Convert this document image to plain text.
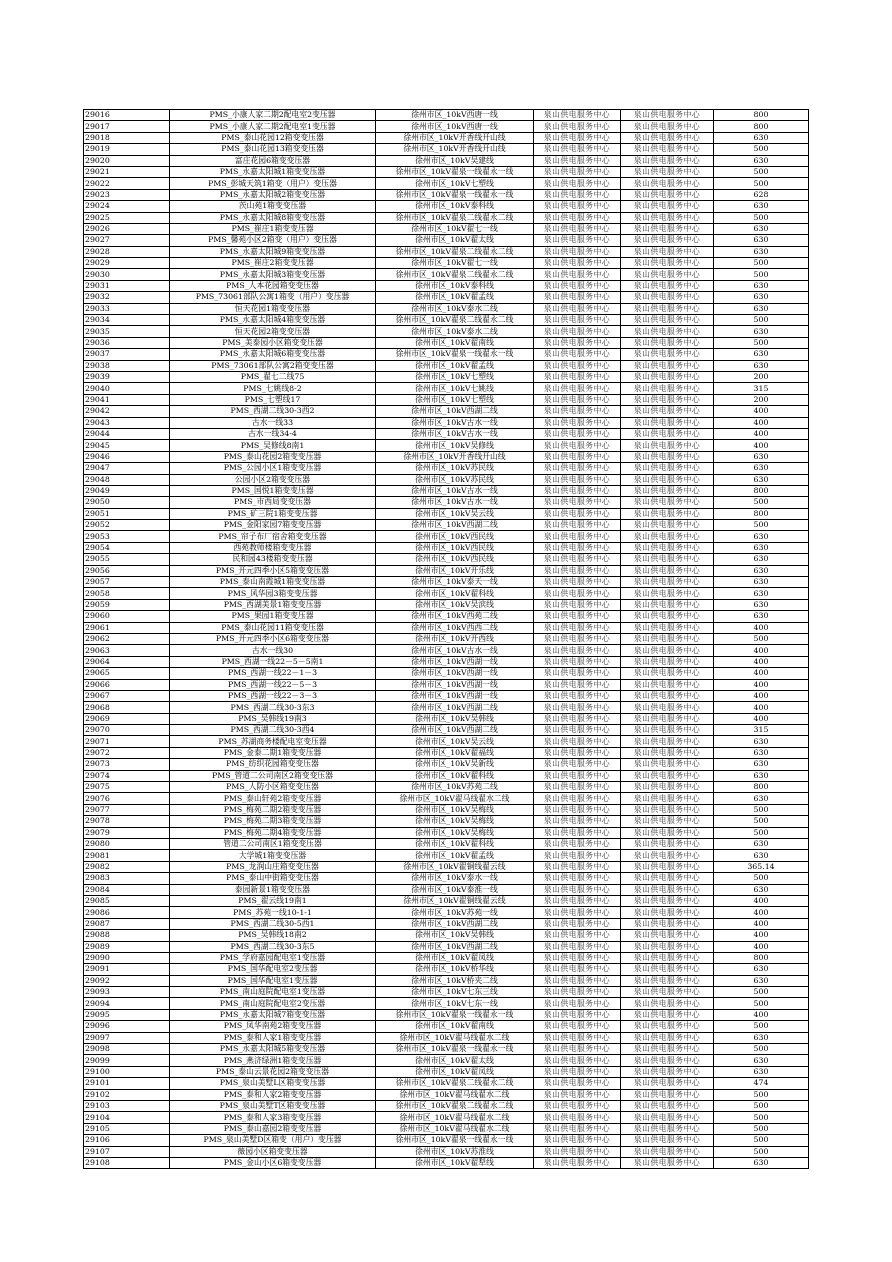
29016	PMS_小康人家二期2配电室2变压器	徐州市区_10kV西唐一线	泉山供电服务中心	泉山供电服务中心	800
29017	PMS_小康人家二期2配电室1变压器	徐州市区_10kV西唐一线	泉山供电服务中心	泉山供电服务中心	800
29018	PMS_泰山花园12箱变变压器	徐州市区_10kV开香线开山线	泉山供电服务中心	泉山供电服务中心	630
29019	PMS_泰山花园13箱变变压器	徐州市区_10kV开香线开山线	泉山供电服务中心	泉山供电服务中心	500
29020	富庄花园6箱变变压器	徐州市区_10kV吴建线	泉山供电服务中心	泉山供电服务中心	630
29021	PMS_永嘉太阳城1箱变变压器	徐州市区_10kV翟泉一线翟永一线	泉山供电服务中心	泉山供电服务中心	500
29022	PMS_彭城天筑1箱变（用户）变压器	徐州市区_10kV七塑线	泉山供电服务中心	泉山供电服务中心	500
29023	PMS_永嘉太阳城2箱变变压器	徐州市区_10kV翟泉一线翟永一线	泉山供电服务中心	泉山供电服务中心	628
29024	茨山苑1箱变变压器	徐州市区_10kV泰科线	泉山供电服务中心	泉山供电服务中心	630
29025	PMS_永嘉太阳城8箱变变压器	徐州市区_10kV翟泉二线翟永二线	泉山供电服务中心	泉山供电服务中心	500
29026	PMS_崔庄1箱变变压器	徐州市区_10kV翟七一线	泉山供电服务中心	泉山供电服务中心	630
29027	PMS_馨苑小区2箱变（用户）变压器	徐州市区_10kV翟太线	泉山供电服务中心	泉山供电服务中心	630
29028	PMS_永嘉太阳城9箱变变压器	徐州市区_10kV翟泉二线翟永二线	泉山供电服务中心	泉山供电服务中心	630
29029	PMS_崔庄2箱变变压器	徐州市区_10kV翟七一线	泉山供电服务中心	泉山供电服务中心	500
29030	PMS_永嘉太阳城3箱变变压器	徐州市区_10kV翟泉二线翟永二线	泉山供电服务中心	泉山供电服务中心	500
29031	PMS_人本花园箱变变压器	徐州市区_10kV泰科线	泉山供电服务中心	泉山供电服务中心	630
29032	PMS_73061部队公寓1箱变（用户）变压器	徐州市区_10kV翟孟线	泉山供电服务中心	泉山供电服务中心	630
29033	恒天花园1箱变变压器	徐州市区_10kV泰水二线	泉山供电服务中心	泉山供电服务中心	630
29034	PMS_永嘉太阳城4箱变变压器	徐州市区_10kV翟泉二线翟永二线	泉山供电服务中心	泉山供电服务中心	500
29035	恒天花园2箱变变压器	徐州市区_10kV泰水二线	泉山供电服务中心	泉山供电服务中心	630
29036	PMS_美泰园小区箱变变压器	徐州市区_10kV翟南线	泉山供电服务中心	泉山供电服务中心	500
29037	PMS_永嘉太阳城6箱变变压器	徐州市区_10kV翟泉一线翟永一线	泉山供电服务中心	泉山供电服务中心	630
29038	PMS_73061部队公寓2箱变变压器	徐州市区_10kV翟孟线	泉山供电服务中心	泉山供电服务中心	630
29039	PMS_翟七二线75	徐州市区_10kV七塑线	泉山供电服务中心	泉山供电服务中心	200
29040	PMS_七姚线8-2	徐州市区_10kV七姚线	泉山供电服务中心	泉山供电服务中心	315
29041	PMS_七塑线17	徐州市区_10kV七塑线	泉山供电服务中心	泉山供电服务中心	200
29042	PMS_西湖二线30-3西2	徐州市区_10kV西湖二线	泉山供电服务中心	泉山供电服务中心	400
29043	古水一线33	徐州市区_10kV古水一线	泉山供电服务中心	泉山供电服务中心	400
29044	古水一线34-4	徐州市区_10kV古水一线	泉山供电服务中心	泉山供电服务中心	400
29045	PMS_吴修线8南1	徐州市区_10kV吴修线	泉山供电服务中心	泉山供电服务中心	400
29046	PMS_泰山花园2箱变变压器	徐州市区_10kV开香线开山线	泉山供电服务中心	泉山供电服务中心	630
29047	PMS_公园小区1箱变变压器	徐州市区_10kV苏民线	泉山供电服务中心	泉山供电服务中心	630
29048	公园小区2箱变变压器	徐州市区_10kV苏民线	泉山供电服务中心	泉山供电服务中心	630
29049	PMS_国悦1箱变变压器	徐州市区_10kV古水一线	泉山供电服务中心	泉山供电服务中心	800
29050	PMS_市西局变变压器	徐州市区_10kV古水一线	泉山供电服务中心	泉山供电服务中心	500
29051	PMS_矿三院1箱变变压器	徐州市区_10kV吴云线	泉山供电服务中心	泉山供电服务中心	800
29052	PMS_金阳家园7箱变变压器	徐州市区_10kV西湖二线	泉山供电服务中心	泉山供电服务中心	500
29053	PMS_帘子布厂宿舍箱变变压器	徐州市区_10kV西民线	泉山供电服务中心	泉山供电服务中心	630
29054	西苑教师楼箱变变压器	徐州市区_10kV西民线	泉山供电服务中心	泉山供电服务中心	630
29055	民和园43楼箱变变压器	徐州市区_10kV西民线	泉山供电服务中心	泉山供电服务中心	630
29056	PMS_开元四季小区5箱变变压器	徐州市区_10kV开乐线	泉山供电服务中心	泉山供电服务中心	630
29057	PMS_泰山南霞城1箱变变压器	徐州市区_10kV泰天一线	泉山供电服务中心	泉山供电服务中心	630
29058	PMS_风华园3箱变变压器	徐州市区_10kV翟科线	泉山供电服务中心	泉山供电服务中心	630
29059	PMS_西湖美景1箱变变压器	徐州市区_10kV吴滨线	泉山供电服务中心	泉山供电服务中心	630
29060	PMS_果园1箱变变压器	徐州市区_10kV西苑二线	泉山供电服务中心	泉山供电服务中心	630
29061	PMS_泰山花园11箱变变压器	徐州市区_10kV西西二线	泉山供电服务中心	泉山供电服务中心	400
29062	PMS_开元四季小区6箱变变压器	徐州市区_10kV开西线	泉山供电服务中心	泉山供电服务中心	500
29063	古水一线30	徐州市区_10kV古水一线	泉山供电服务中心	泉山供电服务中心	400
29064	PMS_西湖一线22－5－5南1	徐州市区_10kV西湖一线	泉山供电服务中心	泉山供电服务中心	400
29065	PMS_西湖一线22－1－3	徐州市区_10kV西湖一线	泉山供电服务中心	泉山供电服务中心	400
29066	PMS_西湖一线22－5－3	徐州市区_10kV西湖一线	泉山供电服务中心	泉山供电服务中心	400
29067	PMS_西湖一线22－3－3	徐州市区_10kV西湖一线	泉山供电服务中心	泉山供电服务中心	400
29068	PMS_西湖二线30-3东3	徐州市区_10kV西湖二线	泉山供电服务中心	泉山供电服务中心	400
29069	PMS_吴韩线19南3	徐州市区_10kV吴韩线	泉山供电服务中心	泉山供电服务中心	400
29070	PMS_西湖二线30-3西4	徐州市区_10kV西湖二线	泉山供电服务中心	泉山供电服务中心	315
29071	PMS_苏湖商务楼配电室变压器	徐州市区_10kV吴云线	泉山供电服务中心	泉山供电服务中心	630
29072	PMS_金泰二期1箱变变压器	徐州市区_10kV翟福线	泉山供电服务中心	泉山供电服务中心	630
29073	PMS_纺织花园箱变变压器	徐州市区_10kV吴新线	泉山供电服务中心	泉山供电服务中心	630
29074	PMS_管道二公司南区2箱变变压器	徐州市区_10kV翟科线	泉山供电服务中心	泉山供电服务中心	630
29075	PMS_人防小区箱变变压器	徐州市区_10kV苏苑二线	泉山供电服务中心	泉山供电服务中心	800
29076	PMS_泰山轩苑2箱变变压器	徐州市区_10kV翟马线翟水二线	泉山供电服务中心	泉山供电服务中心	630
29077	PMS_梅苑二期2箱变变压器	徐州市区_10kV吴梅线	泉山供电服务中心	泉山供电服务中心	500
29078	PMS_梅苑二期3箱变变压器	徐州市区_10kV吴梅线	泉山供电服务中心	泉山供电服务中心	500
29079	PMS_梅苑二期4箱变变压器	徐州市区_10kV吴梅线	泉山供电服务中心	泉山供电服务中心	500
29080	管道二公司南区1箱变变压器	徐州市区_10kV翟科线	泉山供电服务中心	泉山供电服务中心	630
29081	大学城1箱变变压器	徐州市区_10kV翟孟线	泉山供电服务中心	泉山供电服务中心	630
29082	PMS_龙润山庄箱变变压器	徐州市区_10kV翟铜线翟云线	泉山供电服务中心	泉山供电服务中心	365.14
29083	PMS_泰山中街箱变变压器	徐州市区_10kV泰水一线	泉山供电服务中心	泉山供电服务中心	500
29084	泰园新景1箱变变压器	徐州市区_10kV泰淮一线	泉山供电服务中心	泉山供电服务中心	630
29085	PMS_翟云线19南1	徐州市区_10kV翟铜线翟云线	泉山供电服务中心	泉山供电服务中心	400
29086	PMS_苏苑一线10-1-1	徐州市区_10kV苏苑一线	泉山供电服务中心	泉山供电服务中心	400
29087	PMS_西湖二线30-5西1	徐州市区_10kV西湖二线	泉山供电服务中心	泉山供电服务中心	400
29088	PMS_吴韩线18南2	徐州市区_10kV吴韩线	泉山供电服务中心	泉山供电服务中心	400
29089	PMS_西湖二线30-3东5	徐州市区_10kV西湖二线	泉山供电服务中心	泉山供电服务中心	400
29090	PMS_学府嘉园配电室1变压器	徐州市区_10kV翟凤线	泉山供电服务中心	泉山供电服务中心	800
29091	PMS_国华配电室2变压器	徐州市区_10kV桥华线	泉山供电服务中心	泉山供电服务中心	630
29092	PMS_国华配电室1变压器	徐州市区_10kV桥夹二线	泉山供电服务中心	泉山供电服务中心	630
29093	PMS_南山庭院配电室1变压器	徐州市区_10kV七东三线	泉山供电服务中心	泉山供电服务中心	500
29094	PMS_南山庭院配电室2变压器	徐州市区_10kV七东一线	泉山供电服务中心	泉山供电服务中心	500
29095	PMS_永嘉太阳城7箱变变压器	徐州市区_10kV翟泉一线翟永一线	泉山供电服务中心	泉山供电服务中心	400
29096	PMS_凤华南苑2箱变变压器	徐州市区_10kV翟南线	泉山供电服务中心	泉山供电服务中心	500
29097	PMS_泰和人家1箱变变压器	徐州市区_10kV翟马线翟水二线	泉山供电服务中心	泉山供电服务中心	630
29098	PMS_永嘉太阳城5箱变变压器	徐州市区_10kV翟泉一线翟永一线	泉山供电服务中心	泉山供电服务中心	500
29099	PMS_燕济绿洲1箱变变压器	徐州市区_10kV翟太线	泉山供电服务中心	泉山供电服务中心	630
29100	PMS_泰山云景花园2箱变变压器	徐州市区_10kV翟凤线	泉山供电服务中心	泉山供电服务中心	630
29101	PMS_泉山美墅L区箱变变压器	徐州市区_10kV翟泉二线翟永二线	泉山供电服务中心	泉山供电服务中心	474
29102	PMS_泰和人家2箱变变压器	徐州市区_10kV翟马线翟水二线	泉山供电服务中心	泉山供电服务中心	500
29103	PMS_泉山美墅T区箱变变压器	徐州市区_10kV翟泉二线翟永二线	泉山供电服务中心	泉山供电服务中心	500
29104	PMS_泰和人家3箱变变压器	徐州市区_10kV翟马线翟水二线	泉山供电服务中心	泉山供电服务中心	500
29105	PMS_泰山嘉园2箱变变压器	徐州市区_10kV翟马线翟水二线	泉山供电服务中心	泉山供电服务中心	500
29106	PMS_泉山美墅D区箱变（用户）变压器	徐州市区_10kV翟泉一线翟永一线	泉山供电服务中心	泉山供电服务中心	500
29107	薇园小区箱变变压器	徐州市区_10kV苏淮线	泉山供电服务中心	泉山供电服务中心	500
29108	PMS_金山小区6箱变变压器	徐州市区_10kV翟犁线	泉山供电服务中心	泉山供电服务中心	630
